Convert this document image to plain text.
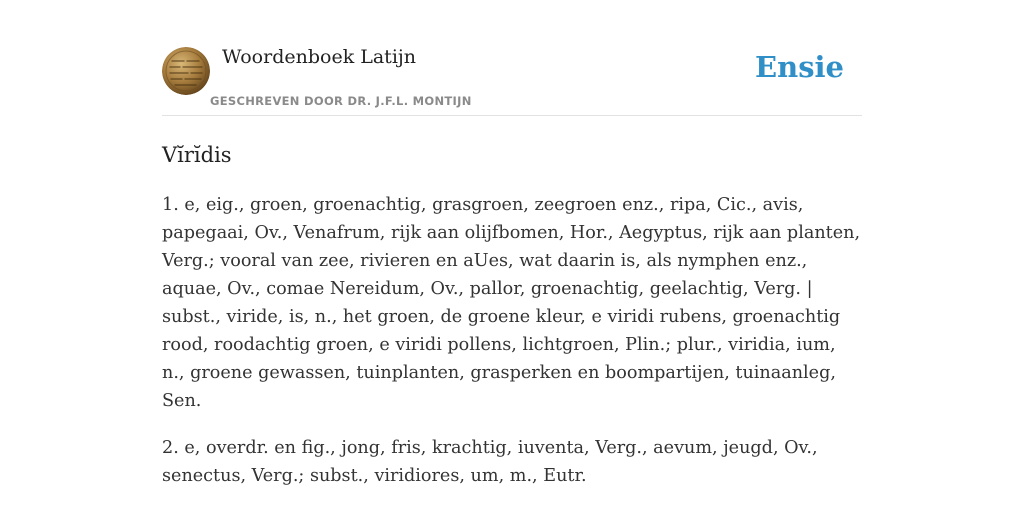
Woordenboek Latijn
GESCHREVEN DOOR DR. J.F.L. MONTIJN
Ensie
Vĭrĭdis

1. e, eig., groen, groenachtig, grasgroen, zeegroen enz., ripa, Cic., avis, papegaai, Ov., Venafrum, rijk aan olijfbomen, Hor., Aegyptus, rijk aan planten, Verg.; vooral van zee, rivieren en aUes, wat daarin is, als nymphen enz., aquae, Ov., comae Nereidum, Ov., pallor, groenachtig, geelachtig, Verg. | subst., viride, is, n., het groen, de groene kleur, e viridi rubens, groenachtig rood, roodachtig groen, e viridi pollens, lichtgroen, Plin.; plur., viridia, ium, n., groene gewassen, tuinplanten, grasperken en boompartijen, tuinaanleg, Sen.

2. e, overdr. en fig., jong, fris, krachtig, iuventa, Verg., aevum, jeugd, Ov., senectus, Verg.; subst., viridiores, um, m., Eutr.
